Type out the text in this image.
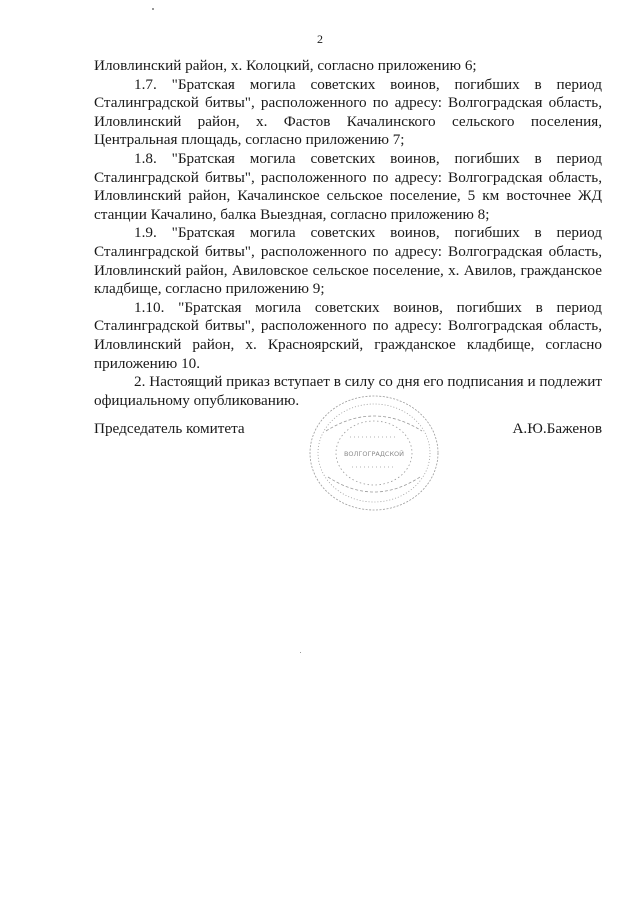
2

Иловлинский район, х. Колоцкий, согласно приложению 6;

1.7. "Братская могила советских воинов, погибших в период Сталинградской битвы", расположенного по адресу: Волгоградская область, Иловлинский район, х. Фастов Качалинского сельского поселения, Центральная площадь, согласно приложению 7;

1.8. "Братская могила советских воинов, погибших в период Сталинградской битвы", расположенного по адресу: Волгоградская область, Иловлинский район, Качалинское сельское поселение, 5 км восточнее ЖД станции Качалино, балка Выездная, согласно приложению 8;

1.9. "Братская могила советских воинов, погибших в период Сталинградской битвы", расположенного по адресу: Волгоградская область, Иловлинский район, Авиловское сельское поселение, х. Авилов, гражданское кладбище, согласно приложению 9;

1.10. "Братская могила советских воинов, погибших в период Сталинградской битвы", расположенного по адресу: Волгоградская область, Иловлинский район, х. Красноярский, гражданское кладбище, согласно приложению 10.

2. Настоящий приказ вступает в силу со дня его подписания и подлежит официальному опубликованию.

Председатель комитета	А.Ю.Баженов
ВОЛГОГРАДСКОЙ
